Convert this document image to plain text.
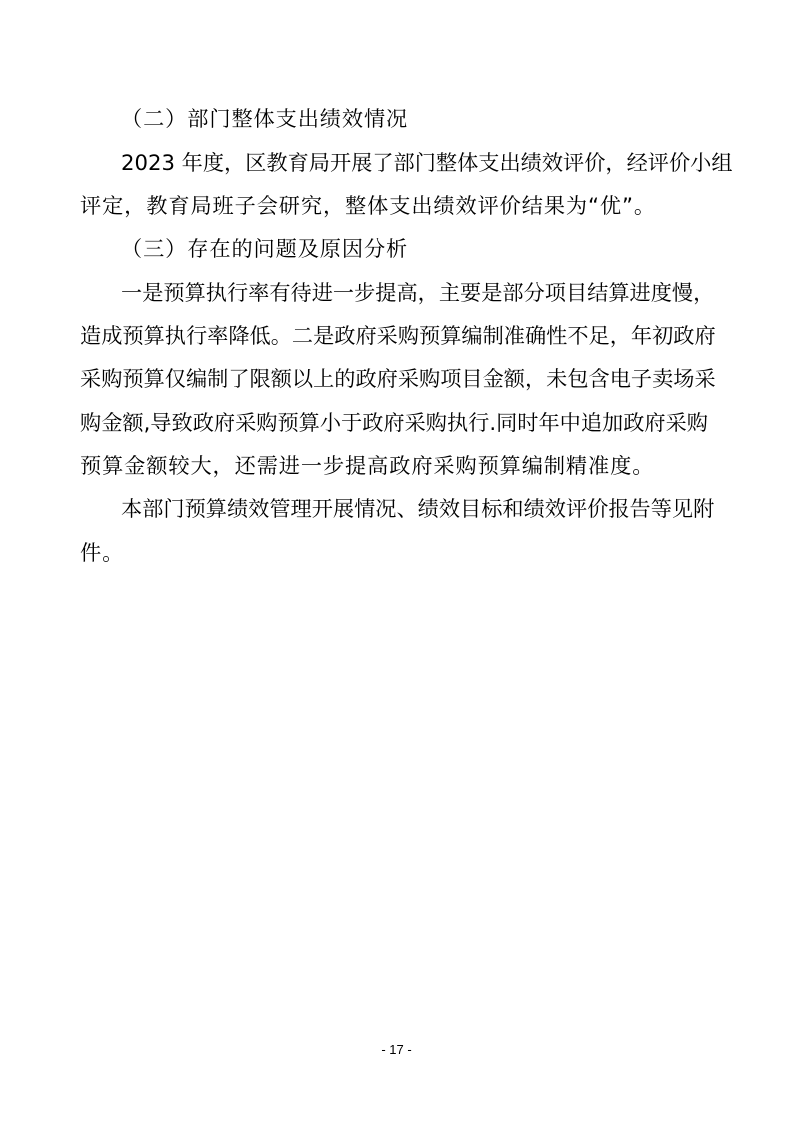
（二）部门整体支出绩效情况
2023 年度，区教育局开展了部门整体支出绩效评价，经评价小组
评定，教育局班子会研究，整体支出绩效评价结果为“优”。
（三）存在的问题及原因分析
一是预算执行率有待进一步提高，主要是部分项目结算进度慢，
造成预算执行率降低。二是政府采购预算编制准确性不足，年初政府
采购预算仅编制了限额以上的政府采购项目金额，未包含电子卖场采
购金额,导致政府采购预算小于政府采购执行.同时年中追加政府采购
预算金额较大，还需进一步提高政府采购预算编制精准度。
本部门预算绩效管理开展情况、绩效目标和绩效评价报告等见附
件。
- 17 -
